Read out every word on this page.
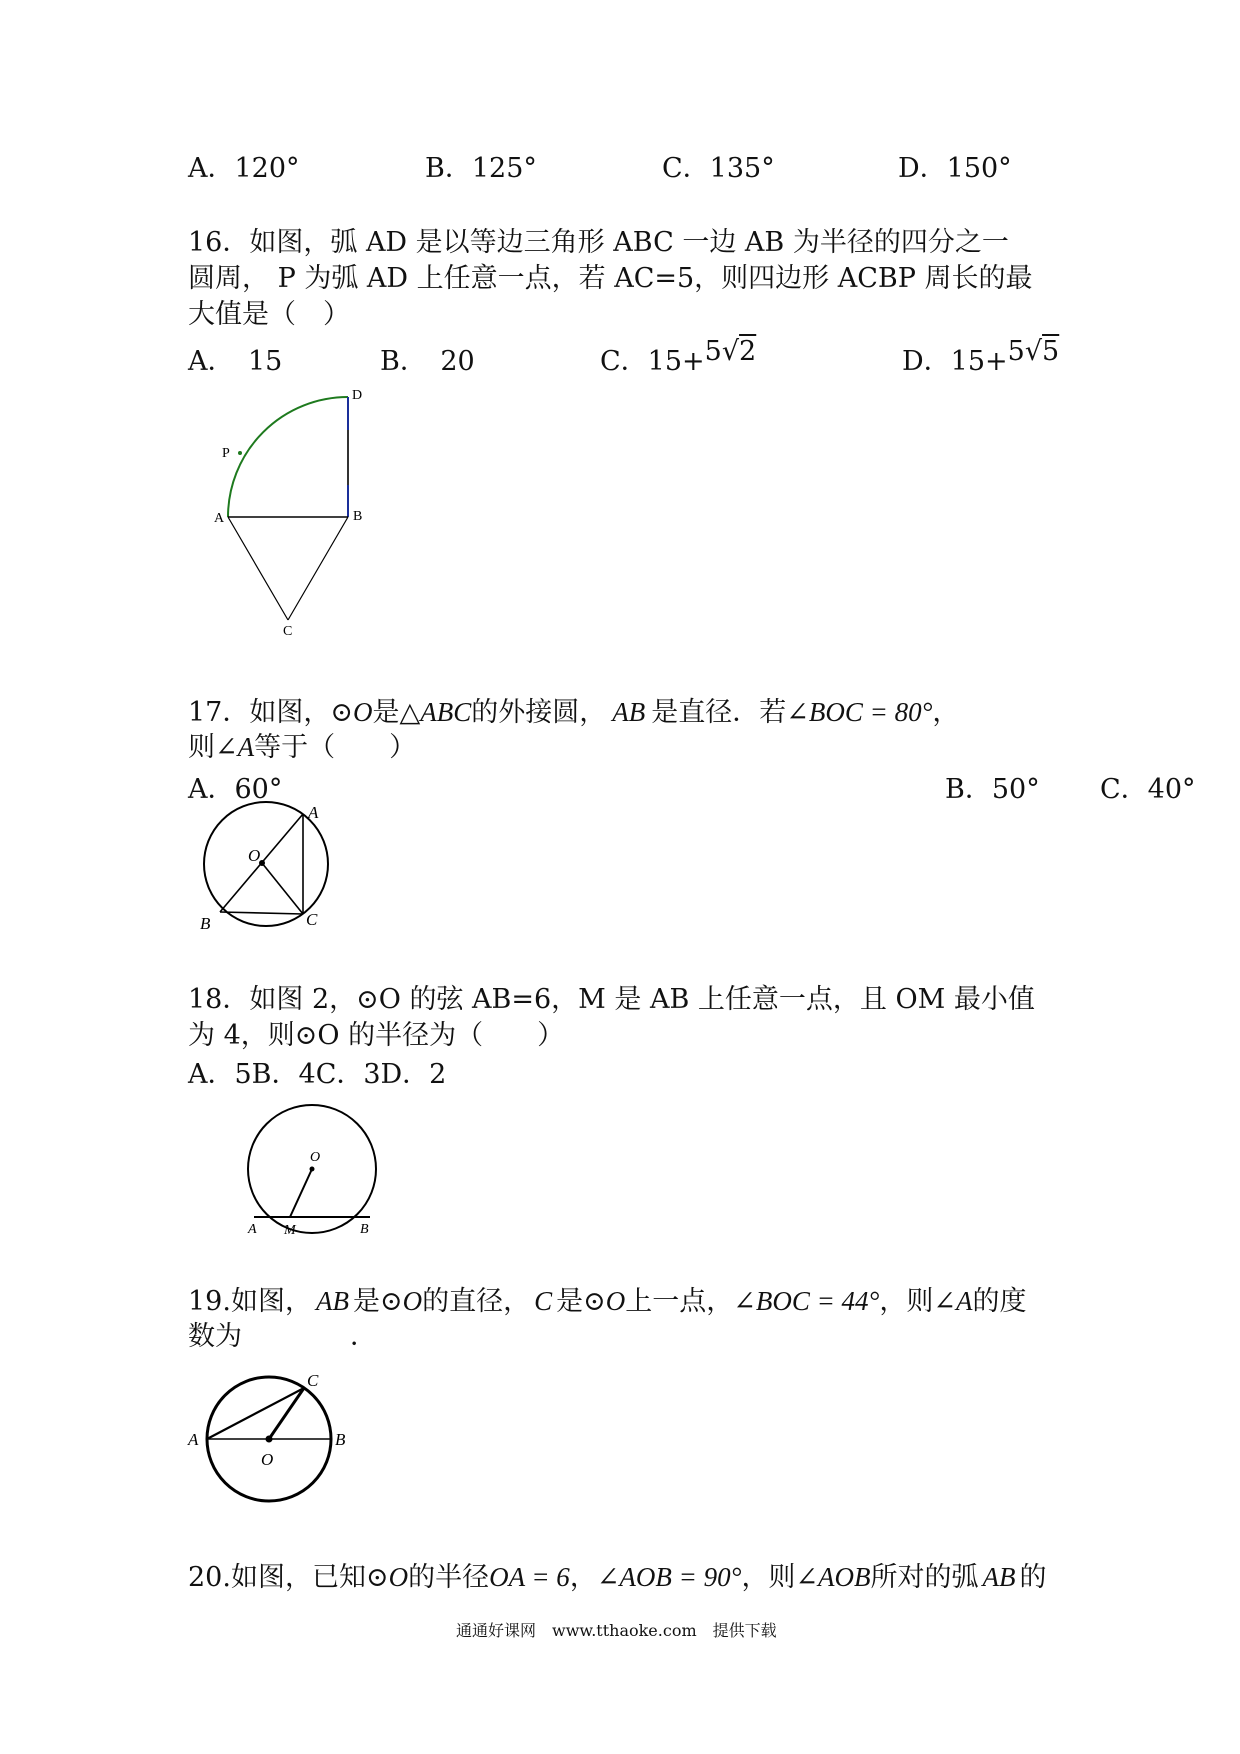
A．120°	B．125°	C．135°	D．150°
16．如图，弧 AD 是以等边三角形 ABC 一边 AB 为半径的四分之一
圆周， P 为弧 AD 上任意一点，若 AC=5，则四边形 ACBP 周长的最
大值是（　）
A．　15	B．　20	C．15+5√2	D．15+5√5
D
P
A	B
C
17．如图，⊙O是△ABC的外接圆， AB 是直径．若∠BOC = 80°，
则∠A等于（　　）
A．60°	B．50° C．40°
A
O
B	C
18．如图 2，⊙O 的弦 AB=6，M 是 AB 上任意一点，且 OM 最小值
为 4，则⊙O 的半径为（　　）
A．5B．4C．3D．2
O
A M	B
19.如图， AB 是⊙O的直径， C 是⊙O上一点，∠BOC = 44°，则∠A的度
数为　　　　．
C
A
O
B
20.如图，已知⊙O的半径OA = 6，∠AOB = 90°，则∠AOB所对的弧 AB 的
通通好课网　www.tthaoke.com　提供下载
